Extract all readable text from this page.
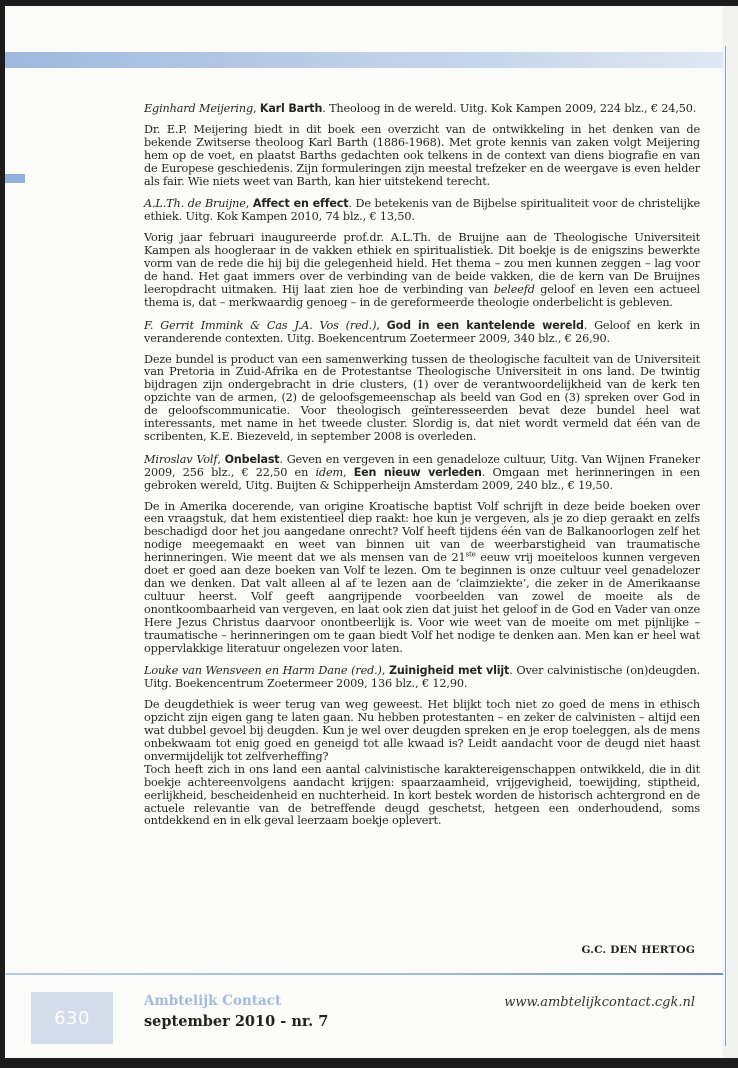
Eginhard Meijering, Karl Barth. Theoloog in de wereld. Uitg. Kok Kampen 2009, 224 blz., € 24,50.

Dr. E.P. Meijering biedt in dit boek een overzicht van de ontwikkeling in het denken van de bekende Zwitserse theoloog Karl Barth (1886-1968). Met grote kennis van zaken volgt Meijering hem op de voet, en plaatst Barths gedachten ook telkens in de context van diens biografie en van de Europese geschiedenis. Zijn formuleringen zijn meestal trefzeker en de weergave is even helder als fair. Wie niets weet van Barth, kan hier uitstekend terecht.

A.L.Th. de Bruijne, Affect en effect. De betekenis van de Bijbelse spiritualiteit voor de christelijke ethiek. Uitg. Kok Kampen 2010, 74 blz., € 13,50.

Vorig jaar februari inaugureerde prof.dr. A.L.Th. de Bruijne aan de Theologische Universiteit Kampen als hoogleraar in de vakken ethiek en spiritualistiek. Dit boekje is de enigszins bewerkte vorm van de rede die hij bij die gelegenheid hield. Het thema – zou men kunnen zeggen – lag voor de hand. Het gaat immers over de verbinding van de beide vakken, die de kern van De Bruijnes leeropdracht uitmaken. Hij laat zien hoe de verbinding van beleefd geloof en leven een actueel thema is, dat – merkwaardig genoeg – in de gereformeerde theologie onderbelicht is gebleven.

F. Gerrit Immink & Cas J.A. Vos (red.), God in een kantelende wereld. Geloof en kerk in veranderende contexten. Uitg. Boekencentrum Zoetermeer 2009, 340 blz., € 26,90.

Deze bundel is product van een samenwerking tussen de theologische faculteit van de Universiteit van Pretoria in Zuid-Afrika en de Protestantse Theologische Universiteit in ons land. De twintig bijdragen zijn ondergebracht in drie clusters, (1) over de verantwoordelijkheid van de kerk ten opzichte van de armen, (2) de geloofsgemeenschap als beeld van God en (3) spreken over God in de geloofscommunicatie. Voor theologisch geïnteresseerden bevat deze bundel heel wat interessants, met name in het tweede cluster. Slordig is, dat niet wordt vermeld dat één van de scribenten, K.E. Biezeveld, in september 2008 is overleden.

Miroslav Volf, Onbelast. Geven en vergeven in een genadeloze cultuur, Uitg. Van Wijnen Franeker 2009, 256 blz., € 22,50 en idem, Een nieuw verleden. Omgaan met herinneringen in een gebroken wereld, Uitg. Buijten & Schipperheijn Amsterdam 2009, 240 blz., € 19,50.

De in Amerika docerende, van origine Kroatische baptist Volf schrijft in deze beide boeken over een vraagstuk, dat hem existentieel diep raakt: hoe kun je vergeven, als je zo diep geraakt en zelfs beschadigd door het jou aangedane onrecht? Volf heeft tijdens één van de Balkanoorlogen zelf het nodige meegemaakt en weet van binnen uit van de weerbarstigheid van traumatische herinneringen. Wie meent dat we als mensen van de 21ste eeuw vrij moeiteloos kunnen vergeven doet er goed aan deze boeken van Volf te lezen. Om te beginnen is onze cultuur veel genadelozer dan we denken. Dat valt alleen al af te lezen aan de ‘claimziekte’, die zeker in de Amerikaanse cultuur heerst. Volf geeft aangrijpende voorbeelden van zowel de moeite als de onontkoombaarheid van vergeven, en laat ook zien dat juist het geloof in de God en Vader van onze Here Jezus Christus daarvoor onontbeerlijk is. Voor wie weet van de moeite om met pijnlijke – traumatische – herinneringen om te gaan biedt Volf het nodige te denken aan. Men kan er heel wat oppervlakkige literatuur ongelezen voor laten.

Louke van Wensveen en Harm Dane (red.), Zuinigheid met vlijt. Over calvinistische (on)deugden. Uitg. Boekencentrum Zoetermeer 2009, 136 blz., € 12,90.

De deugdethiek is weer terug van weg geweest. Het blijkt toch niet zo goed de mens in ethisch opzicht zijn eigen gang te laten gaan. Nu hebben protestanten – en zeker de calvinisten – altijd een wat dubbel gevoel bij deugden. Kun je wel over deugden spreken en je erop toeleggen, als de mens onbekwaam tot enig goed en geneigd tot alle kwaad is? Leidt aandacht voor de deugd niet haast onvermijdelijk tot zelfverheffing?

Toch heeft zich in ons land een aantal calvinistische karaktereigenschappen ontwikkeld, die in dit boekje achtereenvolgens aandacht krijgen: spaarzaamheid, vrijgevigheid, toewijding, stiptheid, eerlijkheid, bescheidenheid en nuchterheid. In kort bestek worden de historisch achtergrond en de actuele relevantie van de betreffende deugd geschetst, hetgeen een onderhoudend, soms ontdekkend en in elk geval leerzaam boekje oplevert.

G.C. DEN HERTOG
630
Ambtelijk Contact
september 2010 - nr. 7
www.ambtelijkcontact.cgk.nl
